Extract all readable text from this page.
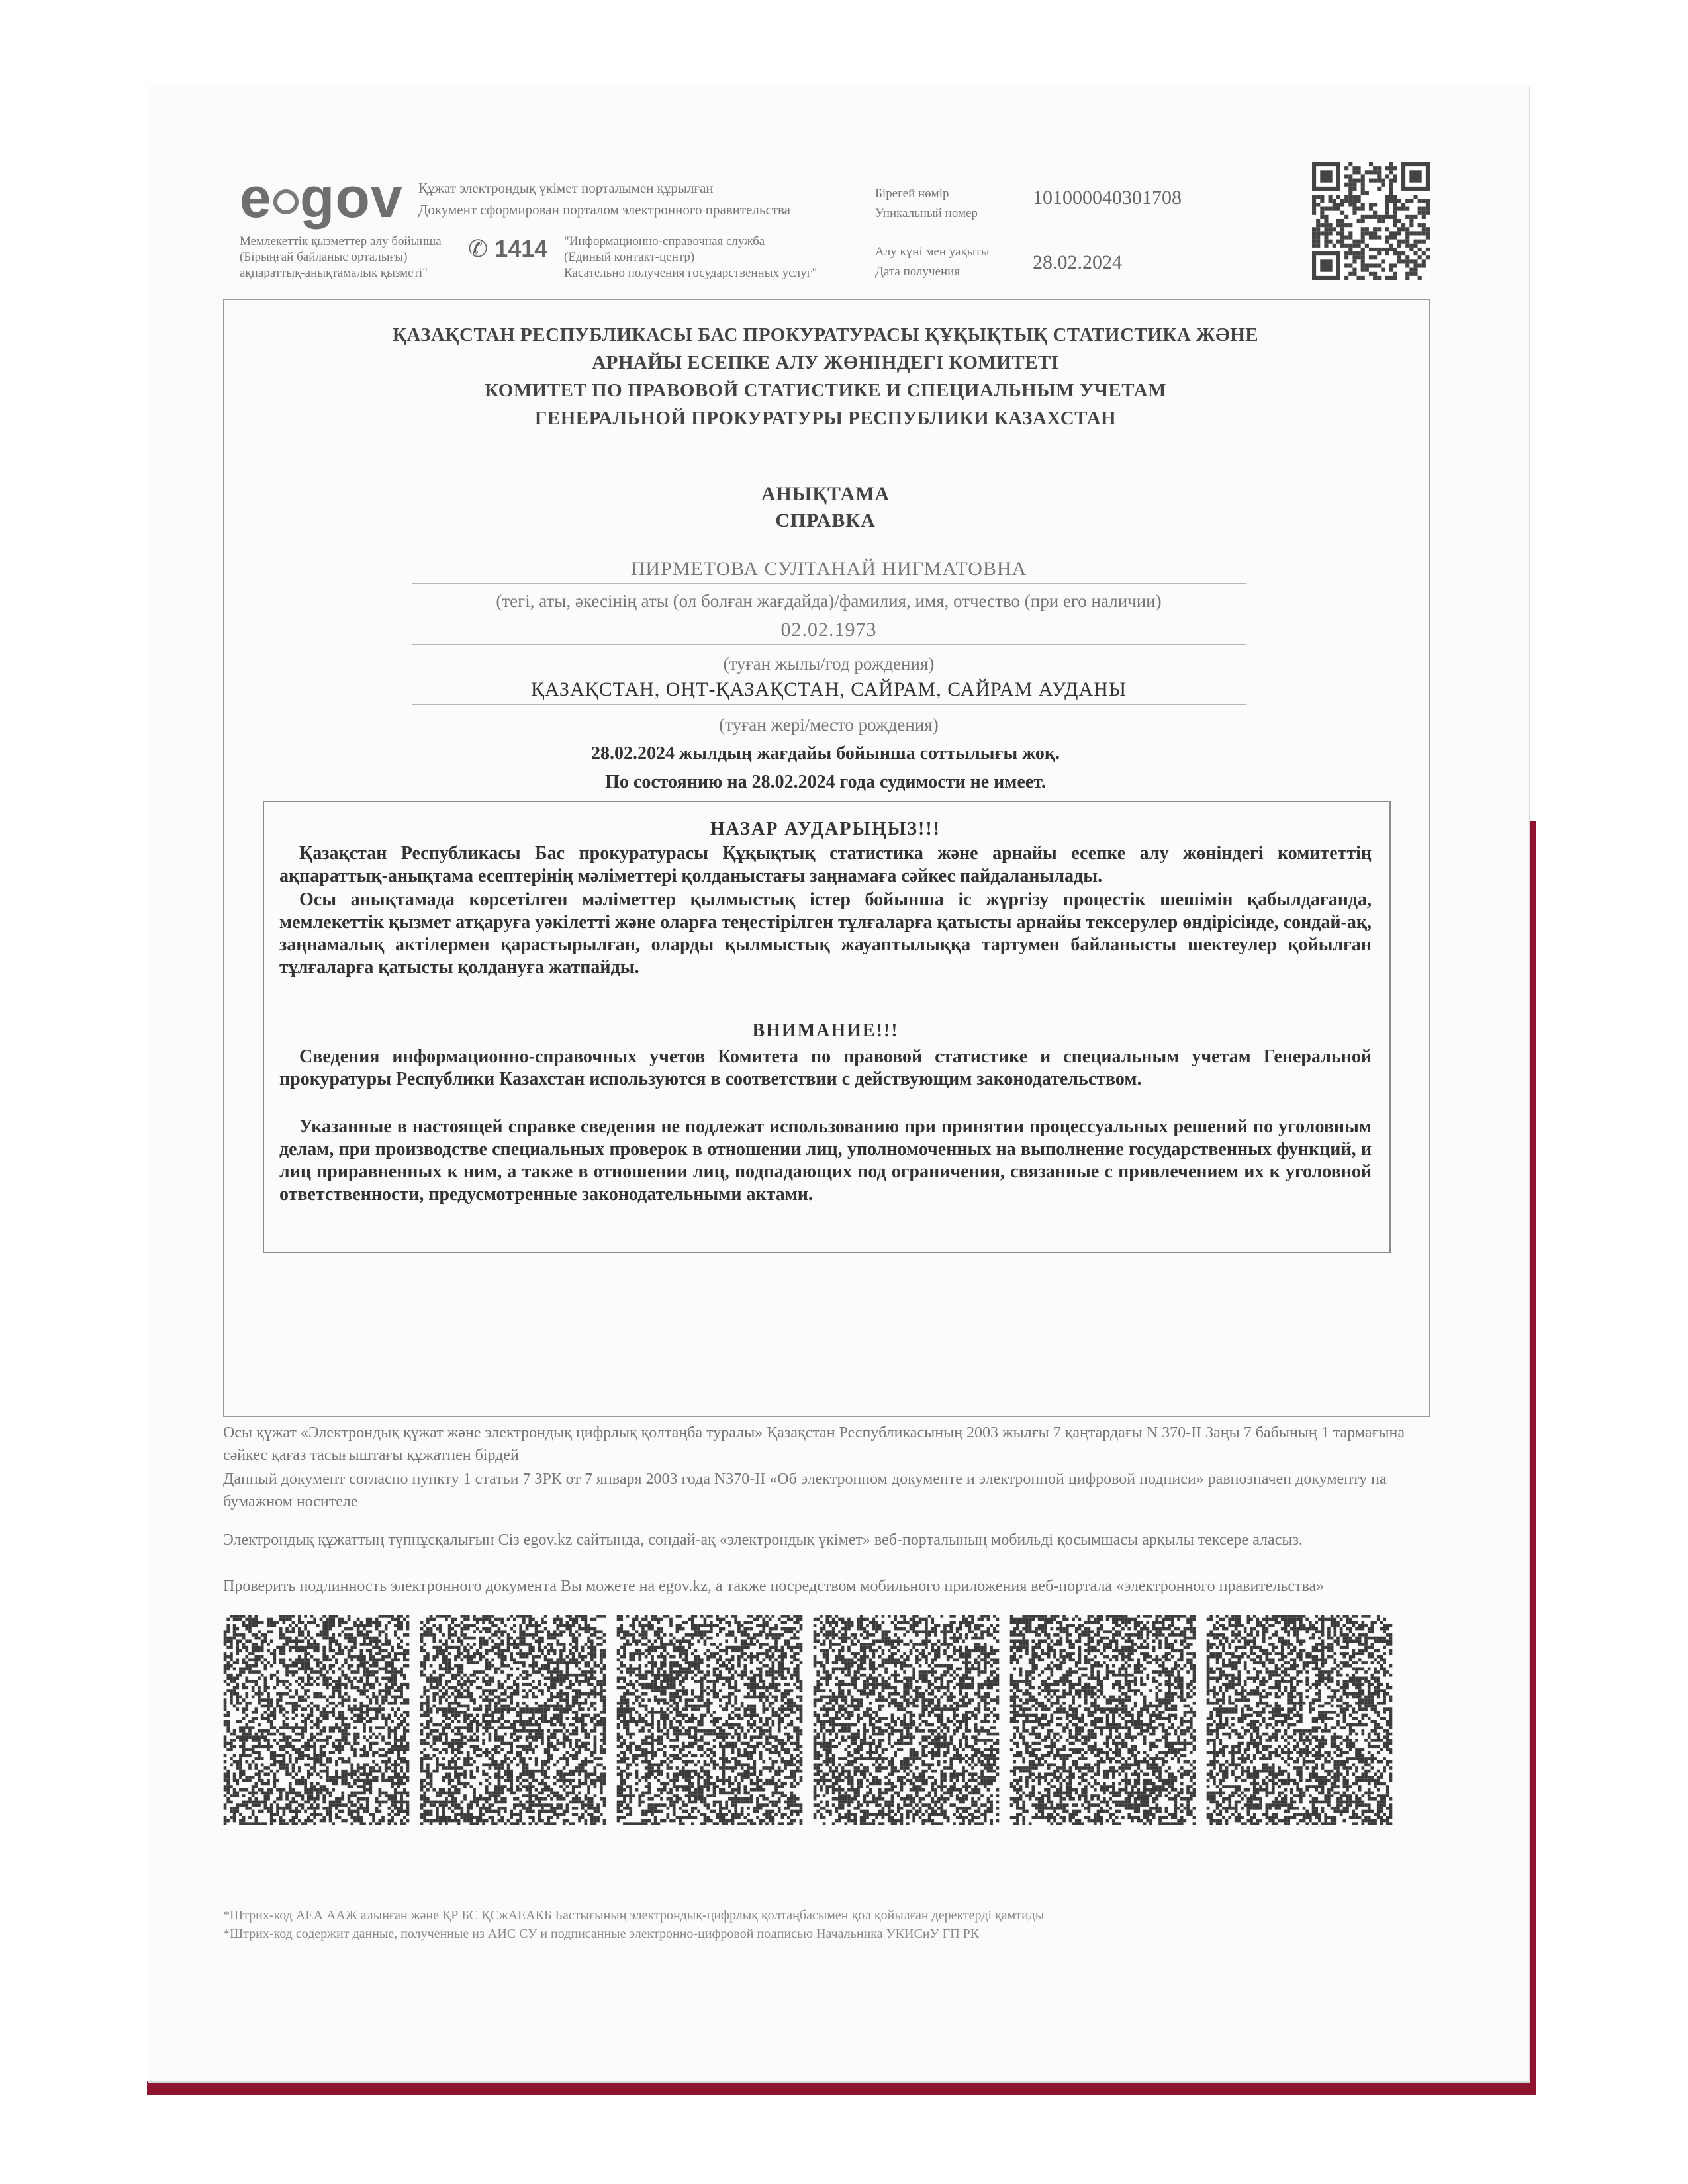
e gov Құжат электрондық үкімет порталымен құрылған
Документ сформирован порталом электронного правительства
Мемлекеттік қызметтер алу бойынша
(Бірыңғай байланыс орталығы)
ақпараттық-анықтамалық қызметі"
✆ 1414 "Информационно-справочная служба
(Единый контакт-центр)
Касательно получения государственных услуг"
Бірегей нөмір
Уникальный номер
10100004030170​8
Алу күні мен уақыты
Дата получения	28.02.2024
ҚАЗАҚСТАН РЕСПУБЛИКАСЫ БАС ПРОКУРАТУРАСЫ ҚҰҚЫҚТЫҚ СТАТИСТИКА ЖӘНЕ
АРНАЙЫ ЕСЕПКЕ АЛУ ЖӨНІНДЕГІ КОМИТЕТІ
КОМИТЕТ ПО ПРАВОВОЙ СТАТИСТИКЕ И СПЕЦИАЛЬНЫМ УЧЕТАМ
ГЕНЕРАЛЬНОЙ ПРОКУРАТУРЫ РЕСПУБЛИКИ КАЗАХСТАН
АНЫҚТАМА
СПРАВКА
ПИРМЕТОВА СУЛТАНАЙ НИГМАТОВНА
(тегі, аты, әкесінің аты (ол болған жағдайда)/фамилия, имя, отчество (при его наличии)
02.02.1973
(туған жылы/год рождения)
ҚАЗАҚСТАН, ОҢТ-ҚАЗАҚСТАН, САЙРАМ, САЙРАМ АУДАНЫ
(туған жері/место рождения)
28.02.2024 жылдың жағдайы бойынша соттылығы жоқ.
По состоянию на 28.02.2024 года судимости не имеет.
НАЗАР АУДАРЫҢЫЗ!!!
Қазақстан Республикасы Бас прокуратурасы Құқықтық статистика және арнайы есепке алу жөніндегі комитеттің ақпараттық-анықтама есептерінің мәліметтері қолданыстағы заңнамаға сәйкес пайдаланылады.
Осы анықтамада көрсетілген мәліметтер қылмыстық істер бойынша іс жүргізу процестік шешімін қабылдағанда, мемлекеттік қызмет атқаруға уәкілетті және оларға теңестірілген тұлғаларға қатысты арнайы тексерулер өндірісінде, сондай-ақ, заңнамалық актілермен қарастырылған, оларды қылмыстық жауаптылыққа тартумен байланысты шектеулер қойылған тұлғаларға қатысты қолдануға жатпайды.
ВНИМАНИЕ!!!
Сведения информационно-справочных учетов Комитета по правовой статистике и специальным учетам Генеральной прокуратуры Республики Казахстан используются в соответствии с действующим законодательством.
Указанные в настоящей справке сведения не подлежат использованию при принятии процессуальных решений по уголовным делам, при производстве специальных проверок в отношении лиц, уполномоченных на выполнение государственных функций, и лиц приравненных к ним, а также в отношении лиц, подпадающих под ограничения, связанные с привлечением их к уголовной ответственности, предусмотренные законодательными актами.
Осы құжат «Электрондық құжат және электрондық цифрлық қолтаңба туралы» Қазақстан Республикасының 2003 жылғы 7 қаңтардағы N 370-II Заңы 7 бабының 1 тармағына сәйкес қағаз тасығыштағы құжатпен бірдей
Данный документ согласно пункту 1 статьи 7 ЗРК от 7 января 2003 года N370-II «Об электронном документе и электронной цифровой подписи» равнозначен документу на бумажном носителе
Электрондық құжаттың түпнұсқалығын Сіз egov.kz сайтында, сондай-ақ «электрондық үкімет» веб-порталының мобильді қосымшасы арқылы тексере аласыз.
Проверить подлинность электронного документа Вы можете на egov.kz, а также посредством мобильного приложения веб-портала «электронного правительства»
*Штрих-код АЕА ААЖ алынған және ҚР БС ҚСжАЕАКБ Бастығының электрондық-цифрлық қолтаңбасымен қол қойылған деректерді қамтиды
*Штрих-код содержит данные, полученные из АИС СУ и подписанные электронно-цифровой подписью Начальника УКИСиУ ГП РК
